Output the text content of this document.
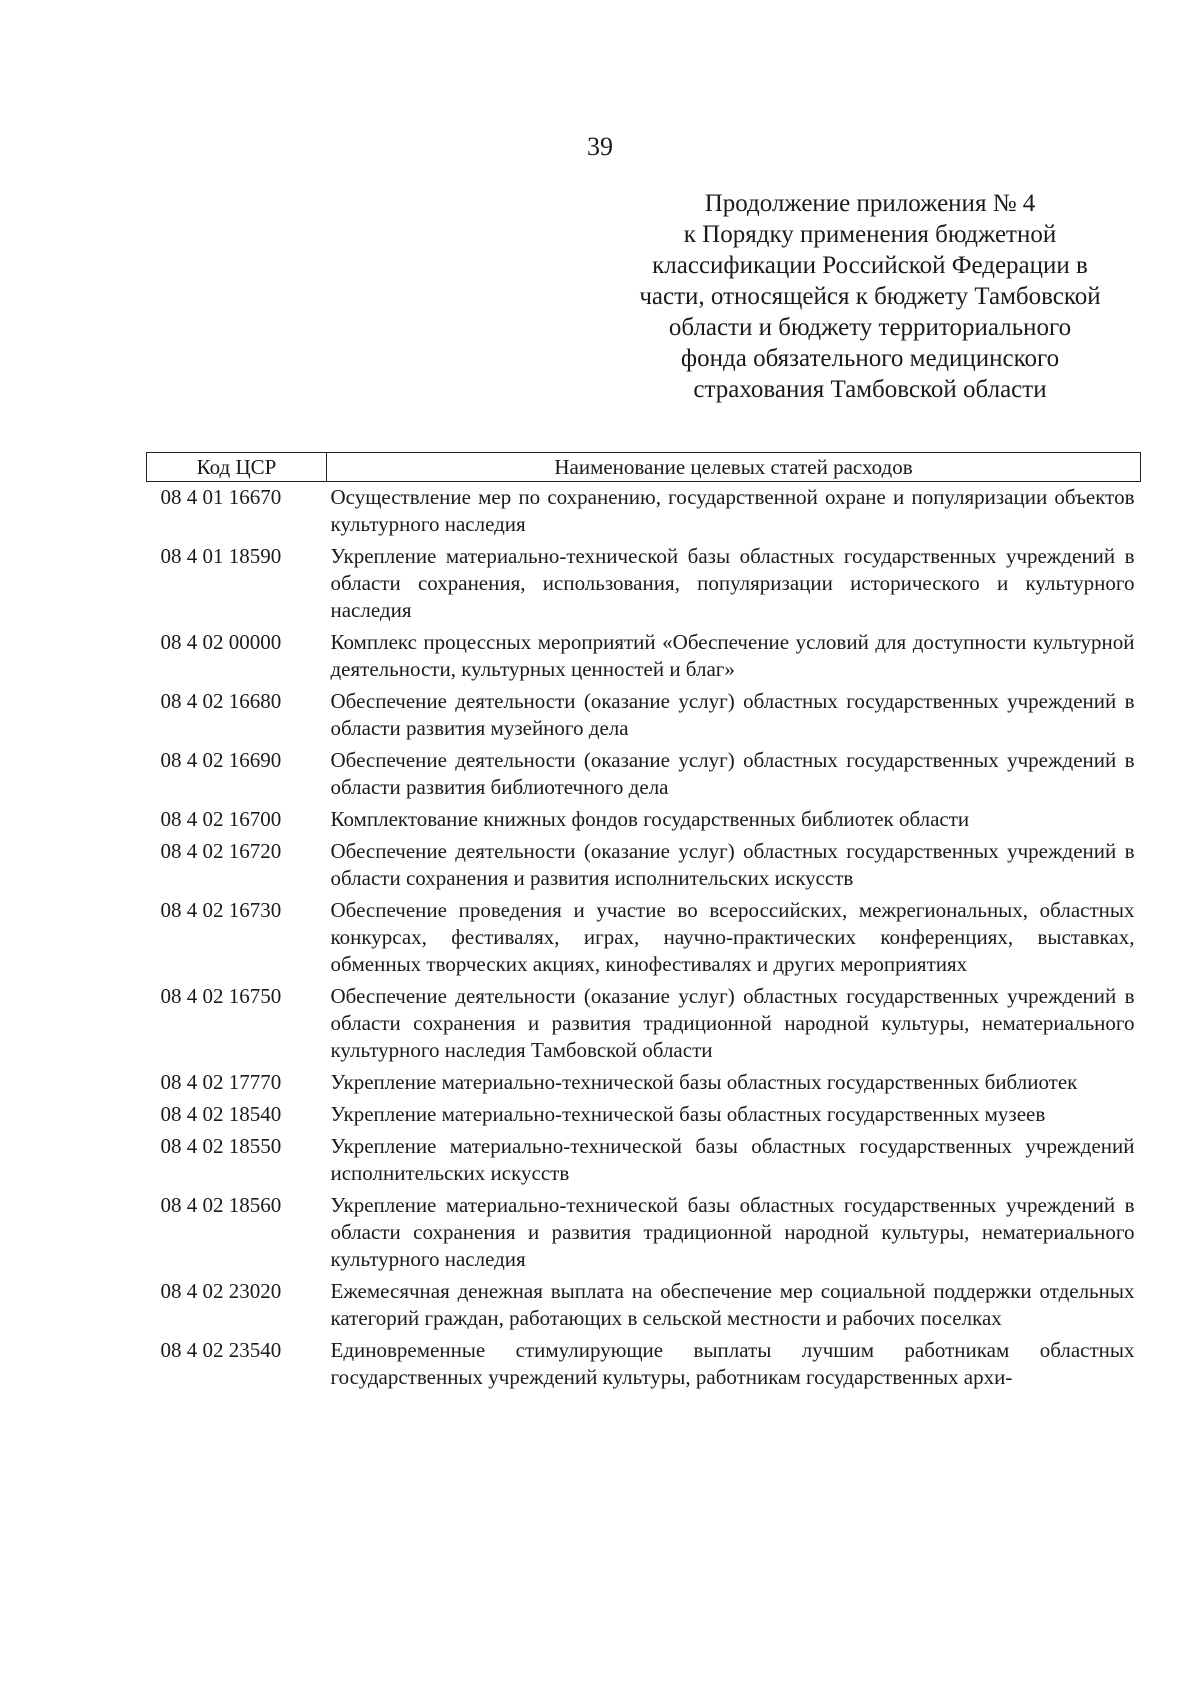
39
Продолжение приложения № 4
к Порядку применения бюджетной
классификации Российской Федерации в
части, относящейся к бюджету Тамбовской
области и бюджету территориального
фонда обязательного медицинского
страхования Тамбовской области
Код ЦСР	Наименование целевых статей расходов
08 4 01 16670	Осуществление мер по сохранению, государственной охране и популяризации объектов культурного наследия
08 4 01 18590	Укрепление материально-технической базы областных государственных учреждений в области сохранения, использования, популяризации исторического и культурного наследия
08 4 02 00000	Комплекс процессных мероприятий «Обеспечение условий для доступности культурной деятельности, культурных ценностей и благ»
08 4 02 16680	Обеспечение деятельности (оказание услуг) областных государственных учреждений в области развития музейного дела
08 4 02 16690	Обеспечение деятельности (оказание услуг) областных государственных учреждений в области развития библиотечного дела
08 4 02 16700	Комплектование книжных фондов государственных библиотек области
08 4 02 16720	Обеспечение деятельности (оказание услуг) областных государственных учреждений в области сохранения и развития исполнительских искусств
08 4 02 16730	Обеспечение проведения и участие во всероссийских, межрегиональных, областных конкурсах, фестивалях, играх, научно-практических конференциях, выставках, обменных творческих акциях, кинофестивалях и других мероприятиях
08 4 02 16750	Обеспечение деятельности (оказание услуг) областных государственных учреждений в области сохранения и развития традиционной народной культуры, нематериального культурного наследия Тамбовской области
08 4 02 17770	Укрепление материально-технической базы областных государственных библиотек
08 4 02 18540	Укрепление материально-технической базы областных государственных музеев
08 4 02 18550	Укрепление материально-технической базы областных государственных учреждений исполнительских искусств
08 4 02 18560	Укрепление материально-технической базы областных государственных учреждений в области сохранения и развития традиционной народной культуры, нематериального культурного наследия
08 4 02 23020	Ежемесячная денежная выплата на обеспечение мер социальной поддержки отдельных категорий граждан, работающих в сельской местности и рабочих поселках
08 4 02 23540	Единовременные стимулирующие выплаты лучшим работникам областных государственных учреждений культуры, работникам государственных архи-
